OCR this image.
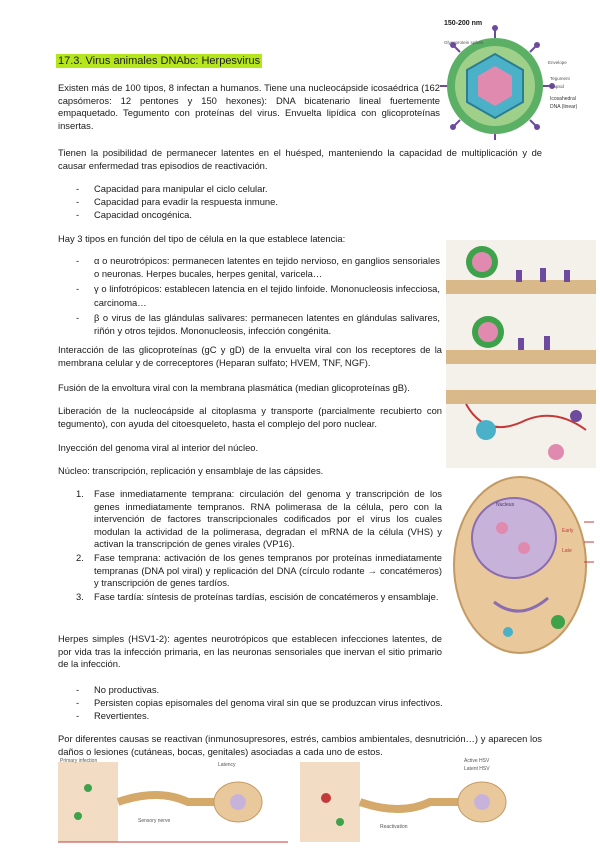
150-200 nm
Glycoprotein spikes
Envelope
Tegument
Capsid
Icosahedral
DNA (linear)
17.3. Virus animales DNAbc: Herpesvirus
Existen más de 100 tipos, 8 infectan a humanos. Tiene una nucleocápside icosaédrica (162 capsómeros: 12 pentones y 150 hexones): DNA bicatenario lineal fuertemente empaquetado. Tegumento con proteínas del virus. Envuelta lipídica con glicoproteínas insertas.
Tienen la posibilidad de permanecer latentes en el huésped, manteniendo la capacidad de multiplicación y de causar enfermedad tras episodios de reactivación.
- Capacidad para manipular el ciclo celular.
- Capacidad para evadir la respuesta inmune.
- Capacidad oncogénica.
Hay 3 tipos en función del tipo de célula en la que establece latencia:
- α o neurotrópicos: permanecen latentes en tejido nervioso, en ganglios sensoriales o neuronas. Herpes bucales, herpes genital, varicela…
- γ o linfotrópicos: establecen latencia en el tejido linfoide. Mononucleosis infecciosa, carcinoma…
- β o virus de las glándulas salivares: permanecen latentes en glándulas salivares, riñón y otros tejidos. Mononucleosis, infección congénita.
Interacción de las glicoproteínas (gC y gD) de la envuelta viral con los receptores de la membrana celular y de correceptores (Heparan sulfato; HVEM, TNF, NGF).
Fusión de la envoltura viral con la membrana plasmática (median glicoproteínas gB).
Liberación de la nucleocápside al citoplasma y transporte (parcialmente recubierto con tegumento), con ayuda del citoesqueleto, hasta el complejo del poro nuclear.
Inyección del genoma viral al interior del núcleo.
Núcleo: transcripción, replicación y ensamblaje de las cápsides.
1. Fase inmediatamente temprana: circulación del genoma y transcripción de los genes inmediatamente tempranos. RNA polimerasa de la célula, pero con la intervención de factores transcripcionales codificados por el virus los cuales modulan la actividad de la polimerasa, degradan el mRNA de la célula (VHS) y activan la transcripción de genes virales (VP16).
2. Fase temprana: activación de los genes tempranos por proteínas inmediatamente tempranas (DNA pol viral) y replicación del DNA (círculo rodante → concatémeros) y transcripción de genes tardíos.
3. Fase tardía: síntesis de proteínas tardías, escisión de concatémeros y ensamblaje.
Nucleus
Early
Late
Herpes simples (HSV1-2): agentes neurotrópicos que establecen infecciones latentes, de por vida tras la infección primaria, en las neuronas sensoriales que inervan el sitio primario de la infección.
- No productivas.
- Persisten copias episomales del genoma viral sin que se produzcan virus infectivos.
- Revertientes.
Por diferentes causas se reactivan (inmunosupresores, estrés, cambios ambientales, desnutrición…) y aparecen los daños o lesiones (cutáneas, bocas, genitales) asociadas a cada uno de estos.
Primary infection
Sensory nerve
Latency
Active HSV
Latent HSV
Reactivation
